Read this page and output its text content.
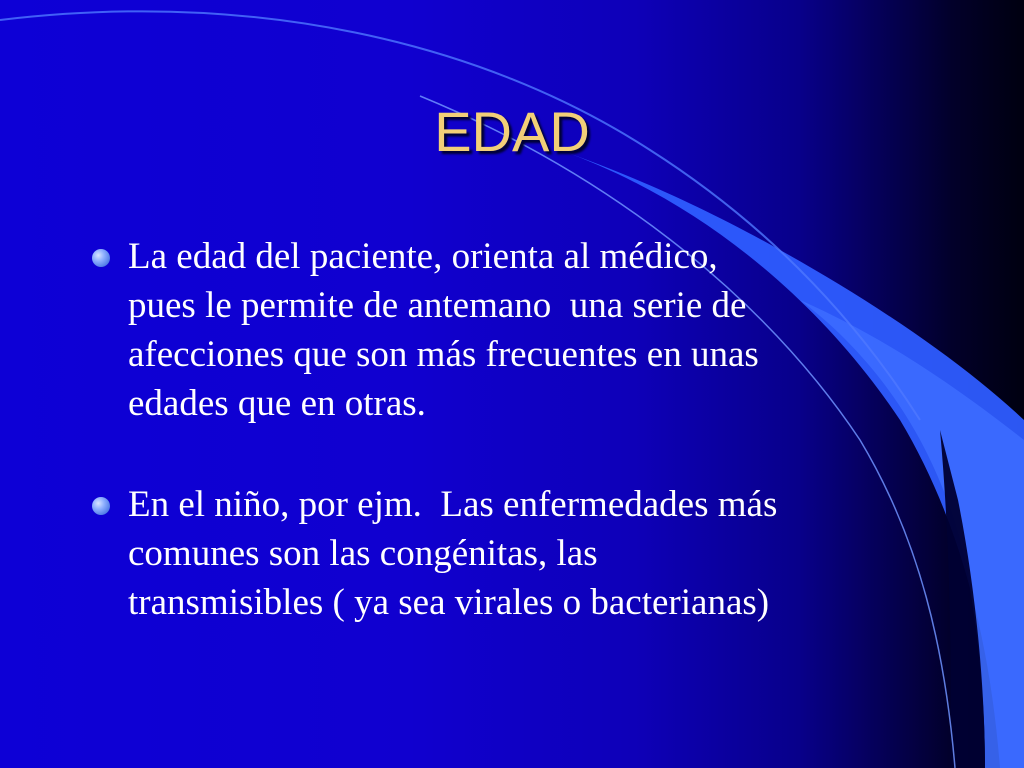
EDAD
La edad del paciente, orienta al médico,
pues le permite de antemano  una serie de
afecciones que son más frecuentes en unas
edades que en otras.
En el niño, por ejm.  Las enfermedades más
comunes son las congénitas, las
transmisibles ( ya sea virales o bacterianas)
